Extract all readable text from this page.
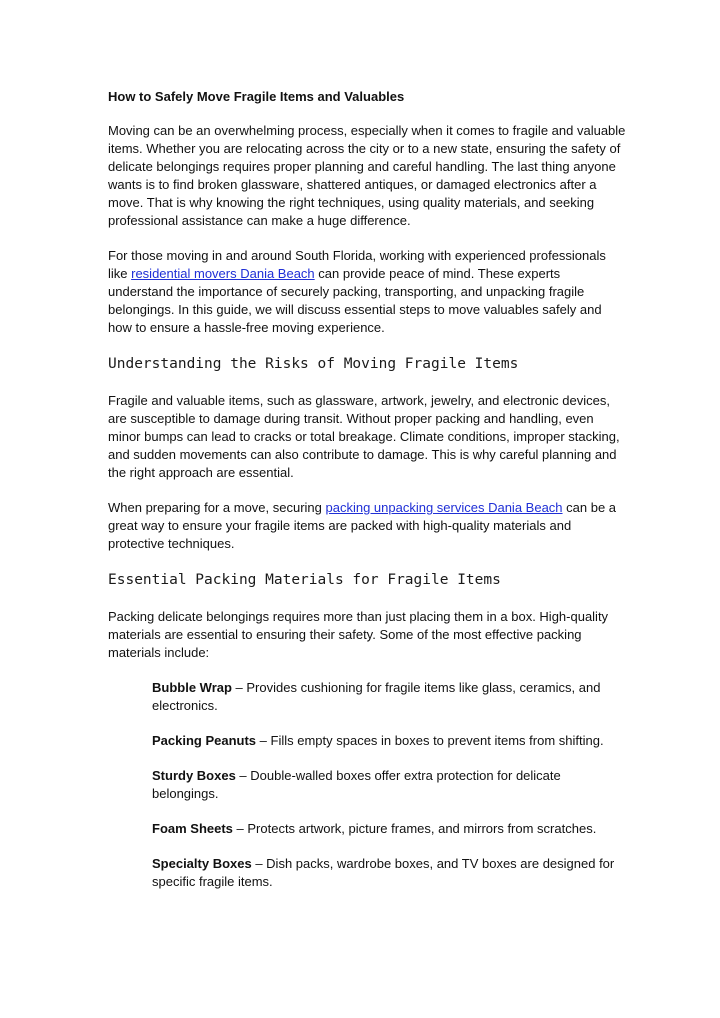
How to Safely Move Fragile Items and Valuables

Moving can be an overwhelming process, especially when it comes to fragile and valuable items. Whether you are relocating across the city or to a new state, ensuring the safety of delicate belongings requires proper planning and careful handling. The last thing anyone wants is to find broken glassware, shattered antiques, or damaged electronics after a move. That is why knowing the right techniques, using quality materials, and seeking professional assistance can make a huge difference.

For those moving in and around South Florida, working with experienced professionals like residential movers Dania Beach can provide peace of mind. These experts understand the importance of securely packing, transporting, and unpacking fragile belongings. In this guide, we will discuss essential steps to move valuables safely and how to ensure a hassle-free moving experience.

Understanding the Risks of Moving Fragile Items

Fragile and valuable items, such as glassware, artwork, jewelry, and electronic devices, are susceptible to damage during transit. Without proper packing and handling, even minor bumps can lead to cracks or total breakage. Climate conditions, improper stacking, and sudden movements can also contribute to damage. This is why careful planning and the right approach are essential.

When preparing for a move, securing packing unpacking services Dania Beach can be a great way to ensure your fragile items are packed with high-quality materials and protective techniques.

Essential Packing Materials for Fragile Items

Packing delicate belongings requires more than just placing them in a box. High-quality materials are essential to ensuring their safety. Some of the most effective packing materials include:

Bubble Wrap – Provides cushioning for fragile items like glass, ceramics, and electronics.
Packing Peanuts – Fills empty spaces in boxes to prevent items from shifting.
Sturdy Boxes – Double-walled boxes offer extra protection for delicate belongings.
Foam Sheets – Protects artwork, picture frames, and mirrors from scratches.
Specialty Boxes – Dish packs, wardrobe boxes, and TV boxes are designed for specific fragile items.
